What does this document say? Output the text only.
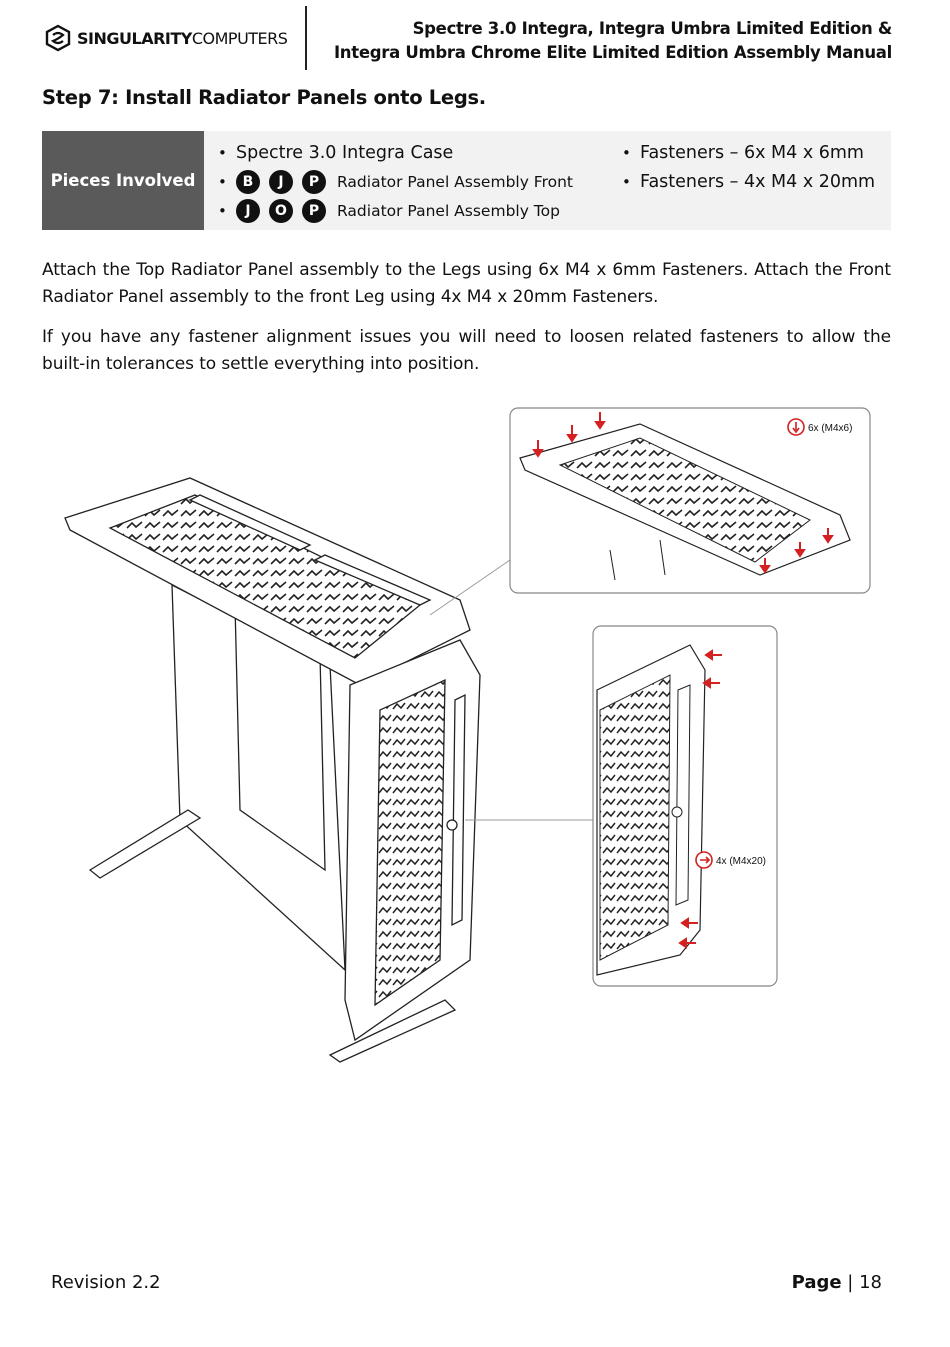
SINGULARITYCOMPUTERS	Spectre 3.0 Integra, Integra Umbra Limited Edition &
Integra Umbra Chrome Elite Limited Edition Assembly Manual
Step 7: Install Radiator Panels onto Legs.
Pieces Involved
• Spectre 3.0 Integra Case
•	B	J	P	Radiator Panel Assembly Front
•	J	O	P	Radiator Panel Assembly Top
• Fasteners – 6x M4 x 6mm
• Fasteners – 4x M4 x 20mm
Attach the Top Radiator Panel assembly to the Legs using 6x M4 x 6mm Fasteners. Attach the Front Radiator Panel assembly to the front Leg using 4x M4 x 20mm Fasteners.
If you have any fastener alignment issues you will need to loosen related fasteners to allow the built-in tolerances to settle everything into position.
6x (M4x6)
4x (M4x20)
Revision 2.2	Page | 18
